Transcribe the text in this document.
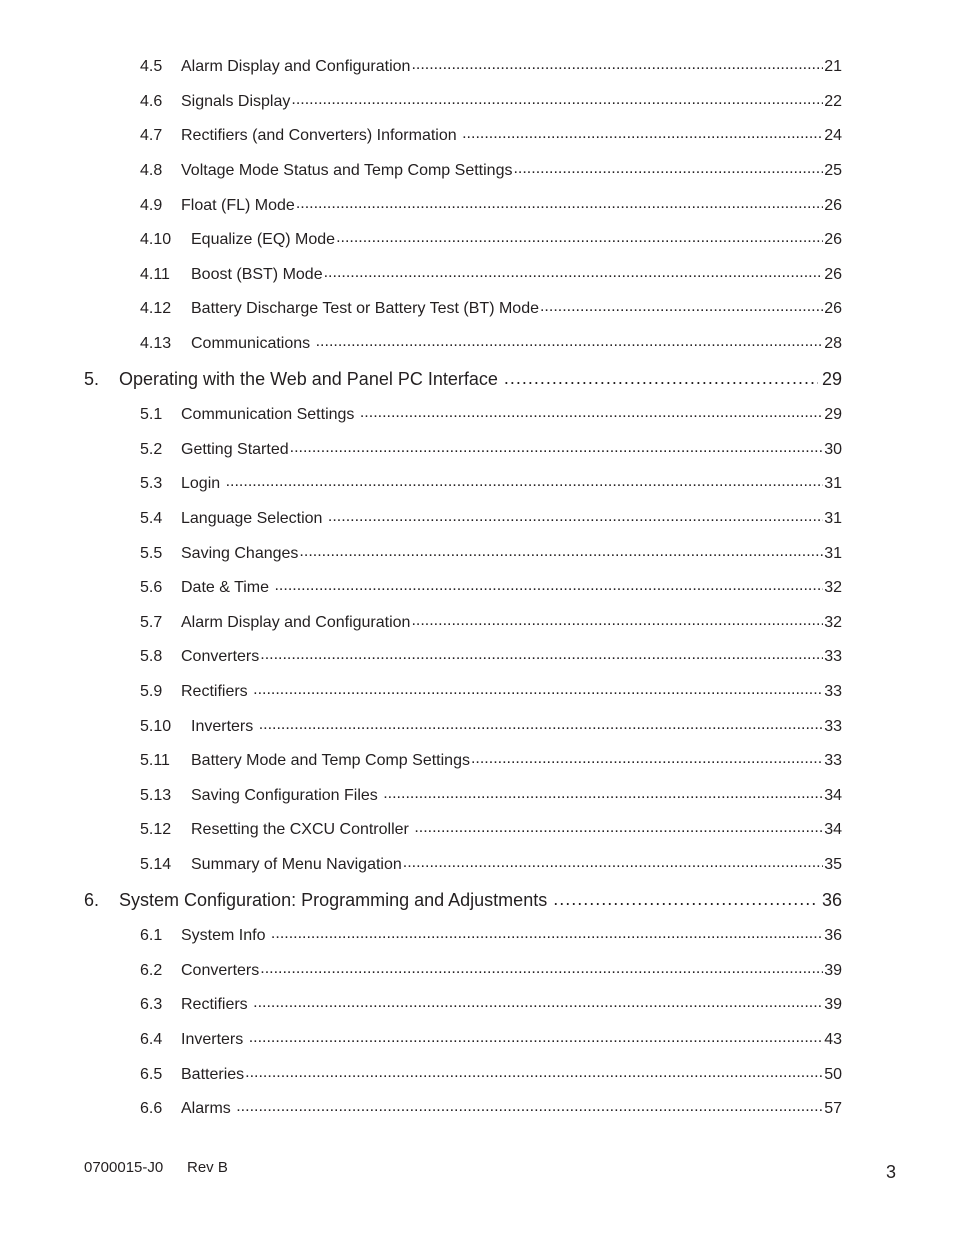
4.5	Alarm Display and Configuration .....	21
4.6	Signals Display .....	22
4.7	Rectifiers (and Converters) Information .....	24
4.8	Voltage Mode Status and Temp Comp Settings .....	25
4.9	Float (FL) Mode .....	26
4.10	Equalize (EQ) Mode .....	26
4.11	Boost (BST) Mode .....	26
4.12	Battery Discharge Test or Battery Test (BT) Mode .....	26
4.13	Communications .....	28
5.	Operating with the Web and Panel PC Interface .....	29
5.1	Communication Settings .....	29
5.2	Getting Started .....	30
5.3	Login .....	31
5.4	Language Selection .....	31
5.5	Saving Changes .....	31
5.6	Date & Time .....	32
5.7	Alarm Display and Configuration .....	32
5.8	Converters .....	33
5.9	Rectifiers .....	33
5.10	Inverters .....	33
5.11	Battery Mode and Temp Comp Settings .....	33
5.13	Saving Configuration Files .....	34
5.12	Resetting the CXCU Controller .....	34
5.14	Summary of Menu Navigation .....	35
6.	System Configuration: Programming and Adjustments .....	36
6.1	System Info .....	36
6.2	Converters .....	39
6.3	Rectifiers .....	39
6.4	Inverters .....	43
6.5	Batteries .....	50
6.6	Alarms .....	57
0700015-J0 Rev B	3
